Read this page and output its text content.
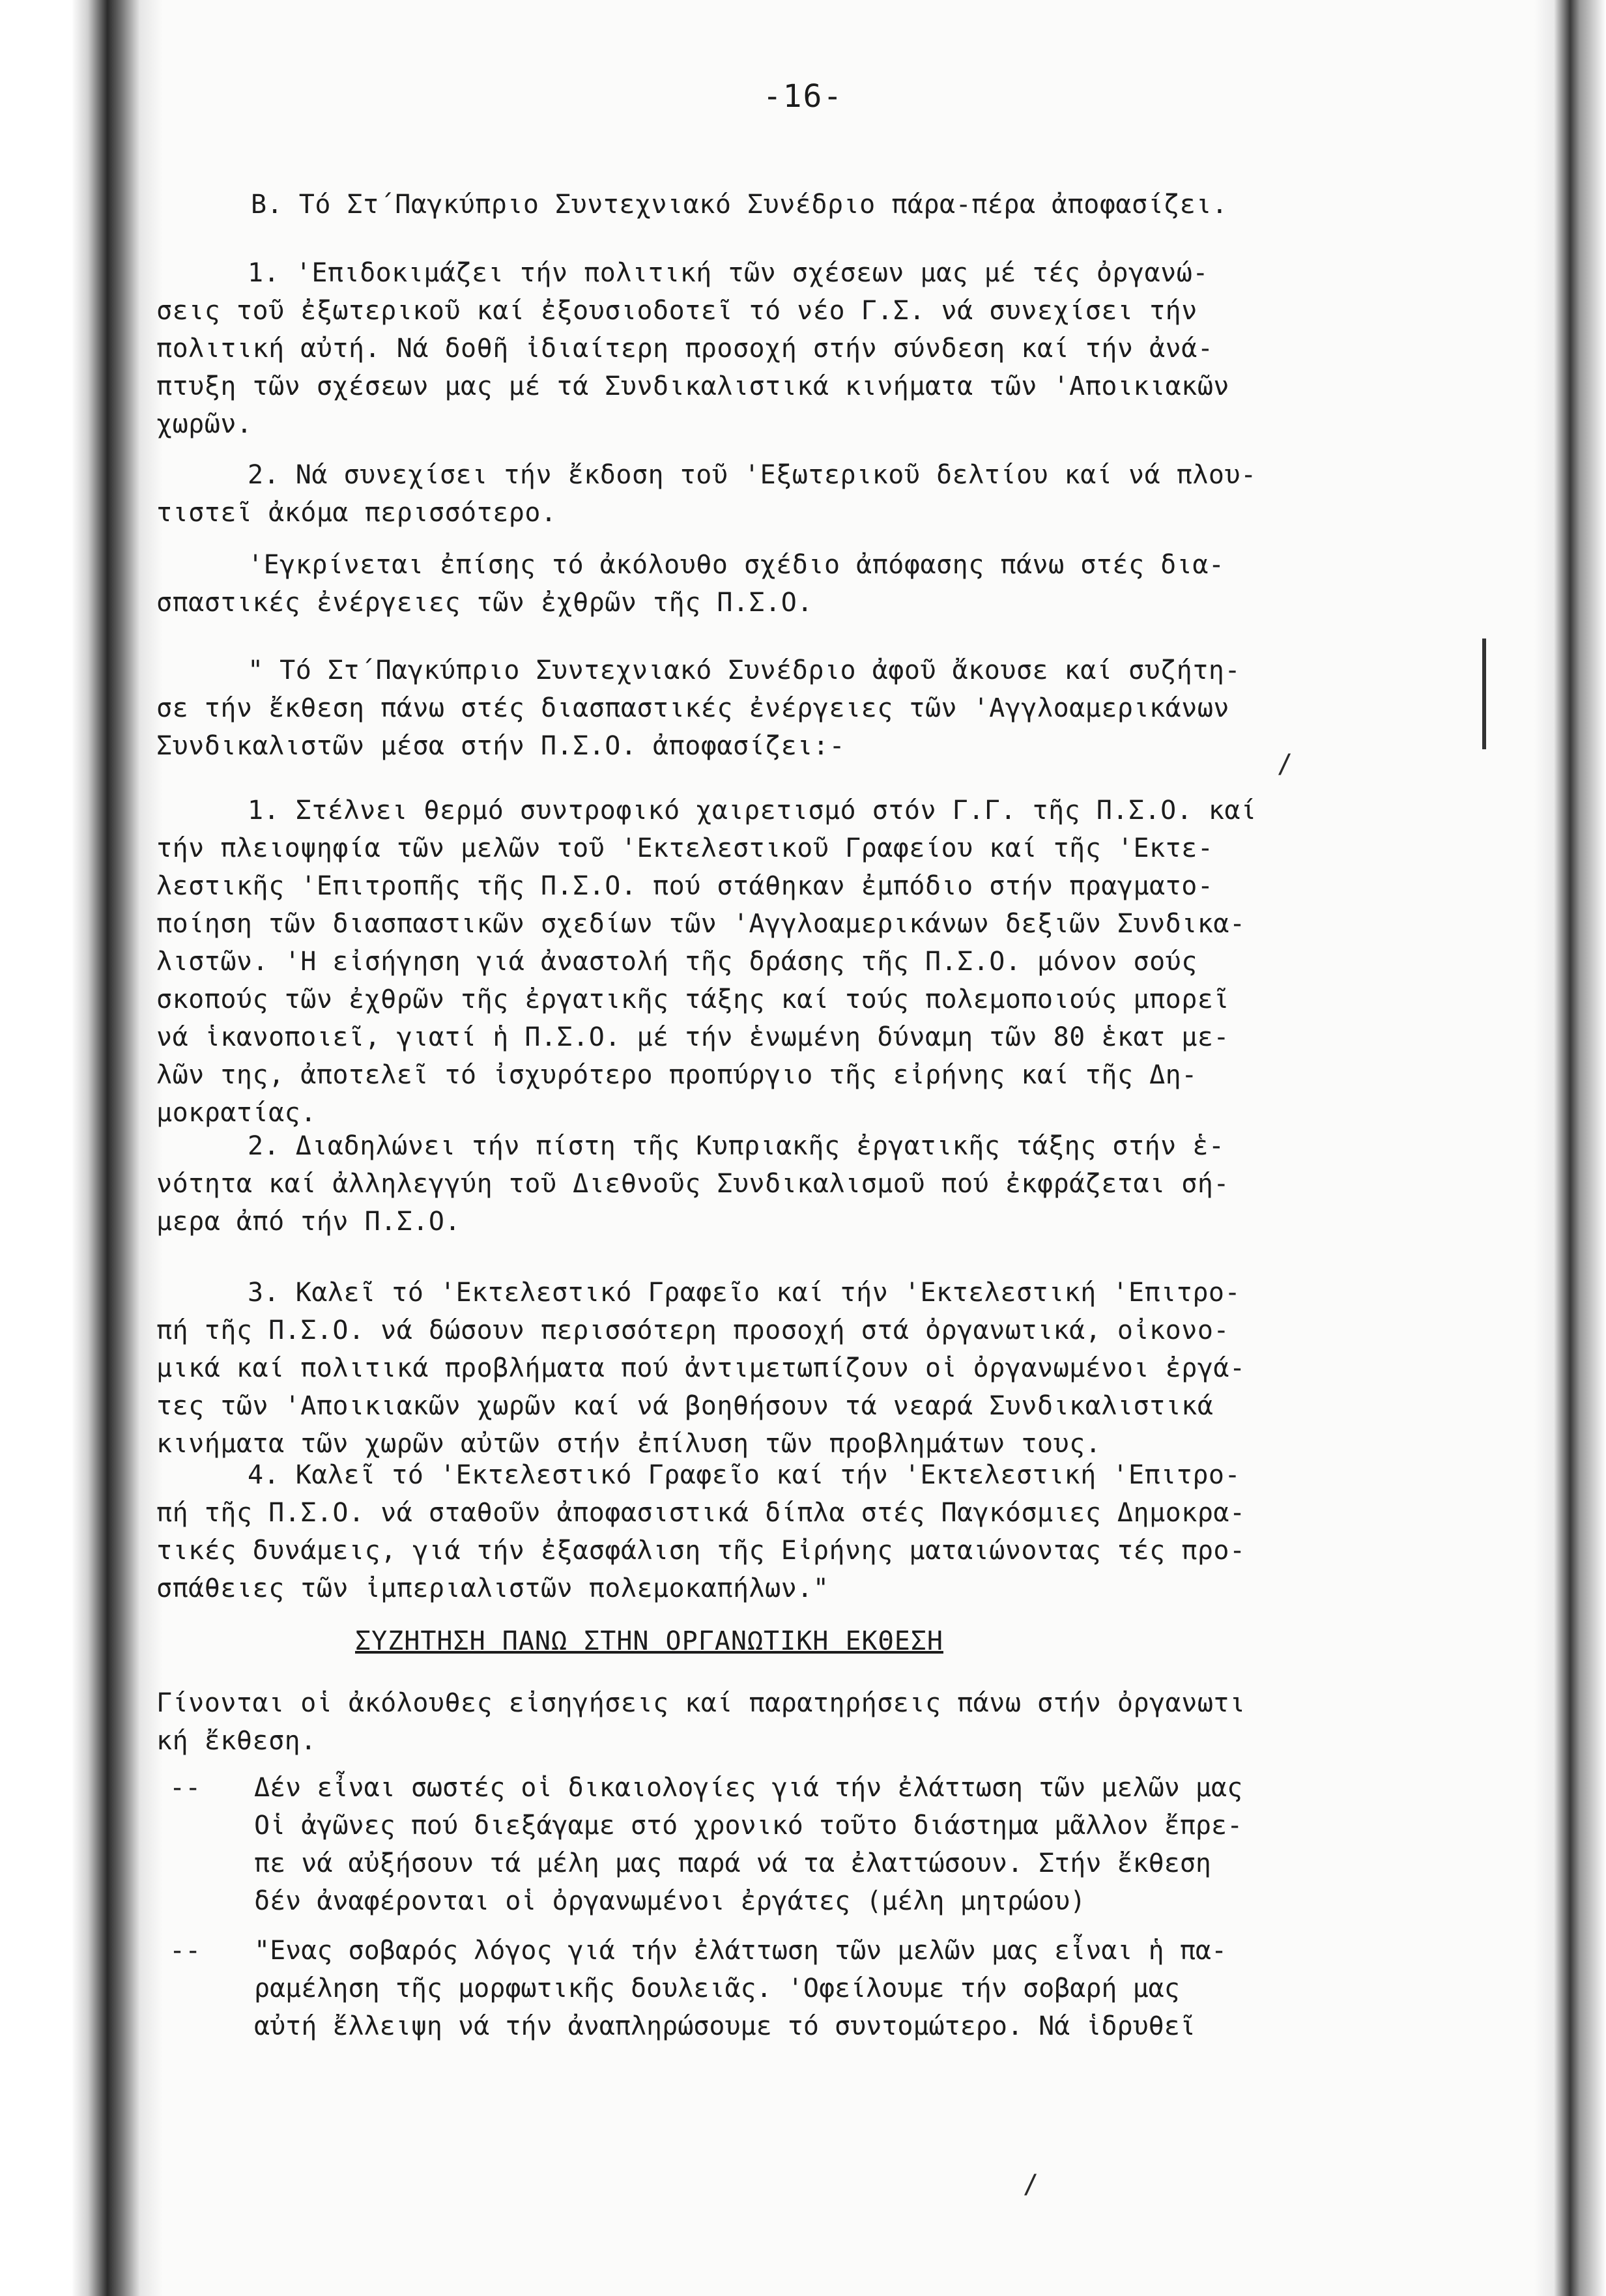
-16-
Β. Τό Στ΄Παγκύπριο Συντεχνιακό Συνέδριο πάρα-πέρα ἀποφασίζει.
1. 'Επιδοκιμάζει τήν πολιτική τῶν σχέσεων μας μέ τές ὀργανώ-
σεις τοῦ ἐξωτερικοῦ καί ἐξουσιοδοτεῖ τό νέο Γ.Σ. νά συνεχίσει τήν
πολιτική αὐτή. Νά δοθῆ ἰδιαίτερη προσοχή στήν σύνδεση καί τήν ἀνά-
πτυξη τῶν σχέσεων μας μέ τά Συνδικαλιστικά κινήματα τῶν 'Αποικιακῶν
χωρῶν.
2. Νά συνεχίσει τήν ἔκδοση τοῦ 'Εξωτερικοῦ δελτίου καί νά πλου-
τιστεῖ ἀκόμα περισσότερο.
'Εγκρίνεται ἐπίσης τό ἀκόλουθο σχέδιο ἀπόφασης πάνω στές δια-
σπαστικές ἐνέργειες τῶν ἐχθρῶν τῆς Π.Σ.Ο.
" Τό Στ΄Παγκύπριο Συντεχνιακό Συνέδριο ἀφοῦ ἄκουσε καί συζήτη-
σε τήν ἔκθεση πάνω στές διασπαστικές ἐνέργειες τῶν 'Αγγλοαμερικάνων
Συνδικαλιστῶν μέσα στήν Π.Σ.Ο. ἀποφασίζει:-
/
1. Στέλνει θερμό συντροφικό χαιρετισμό στόν Γ.Γ. τῆς Π.Σ.Ο. καί
τήν πλειοψηφία τῶν μελῶν τοῦ 'Εκτελεστικοῦ Γραφείου καί τῆς 'Εκτε-
λεστικῆς 'Επιτροπῆς τῆς Π.Σ.Ο. πού στάθηκαν ἐμπόδιο στήν πραγματο-
ποίηση τῶν διασπαστικῶν σχεδίων τῶν 'Αγγλοαμερικάνων δεξιῶν Συνδικα-
λιστῶν. 'Η εἰσήγηση γιά ἀναστολή τῆς δράσης τῆς Π.Σ.Ο. μόνον σούς
σκοπούς τῶν ἐχθρῶν τῆς ἐργατικῆς τάξης καί τούς πολεμοποιούς μπορεῖ
νά ἱκανοποιεῖ, γιατί ἡ Π.Σ.Ο. μέ τήν ἑνωμένη δύναμη τῶν 80 ἑκατ με-
λῶν της, ἀποτελεῖ τό ἰσχυρότερο προπύργιο τῆς εἰρήνης καί τῆς Δη-
μοκρατίας.
2. Διαδηλώνει τήν πίστη τῆς Κυπριακῆς ἐργατικῆς τάξης στήν ἑ-
νότητα καί ἀλληλεγγύη τοῦ Διεθνοῦς Συνδικαλισμοῦ πού ἐκφράζεται σή-
μερα ἀπό τήν Π.Σ.Ο.
3. Καλεῖ τό 'Εκτελεστικό Γραφεῖο καί τήν 'Εκτελεστική 'Επιτρο-
πή τῆς Π.Σ.Ο. νά δώσουν περισσότερη προσοχή στά ὀργανωτικά, οἰκονο-
μικά καί πολιτικά προβλήματα πού ἀντιμετωπίζουν οἱ ὀργανωμένοι ἐργά-
τες τῶν 'Αποικιακῶν χωρῶν καί νά βοηθήσουν τά νεαρά Συνδικαλιστικά
κινήματα τῶν χωρῶν αὐτῶν στήν ἐπίλυση τῶν προβλημάτων τους.
4. Καλεῖ τό 'Εκτελεστικό Γραφεῖο καί τήν 'Εκτελεστική 'Επιτρο-
πή τῆς Π.Σ.Ο. νά σταθοῦν ἀποφασιστικά δίπλα στές Παγκόσμιες Δημοκρα-
τικές δυνάμεις, γιά τήν ἐξασφάλιση τῆς Εἰρήνης ματαιώνοντας τές προ-
σπάθειες τῶν ἰμπεριαλιστῶν πολεμοκαπήλων."
ΣΥΖΗΤΗΣΗ ΠΑΝΩ ΣΤΗΝ ΟΡΓΑΝΩΤΙΚΗ ΕΚΘΕΣΗ
Γίνονται οἱ ἀκόλουθες εἰσηγήσεις καί παρατηρήσεις πάνω στήν ὀργανωτι
κή ἔκθεση.
-- Δέν εἶναι σωστές οἱ δικαιολογίες γιά τήν ἐλάττωση τῶν μελῶν μας
Οἱ ἀγῶνες πού διεξάγαμε στό χρονικό τοῦτο διάστημα μᾶλλον ἔπρε-
πε νά αὐξήσουν τά μέλη μας παρά νά τα ἐλαττώσουν. Στήν ἔκθεση
δέν ἀναφέρονται οἱ ὀργανωμένοι ἐργάτες (μέλη μητρώου)
-- "Ενας σοβαρός λόγος γιά τήν ἐλάττωση τῶν μελῶν μας εἶναι ἡ πα-
ραμέληση τῆς μορφωτικῆς δουλειᾶς. 'Οφείλουμε τήν σοβαρή μας
αὐτή ἔλλειψη νά τήν ἀναπληρώσουμε τό συντομώτερο. Νά ἱδρυθεῖ
/
